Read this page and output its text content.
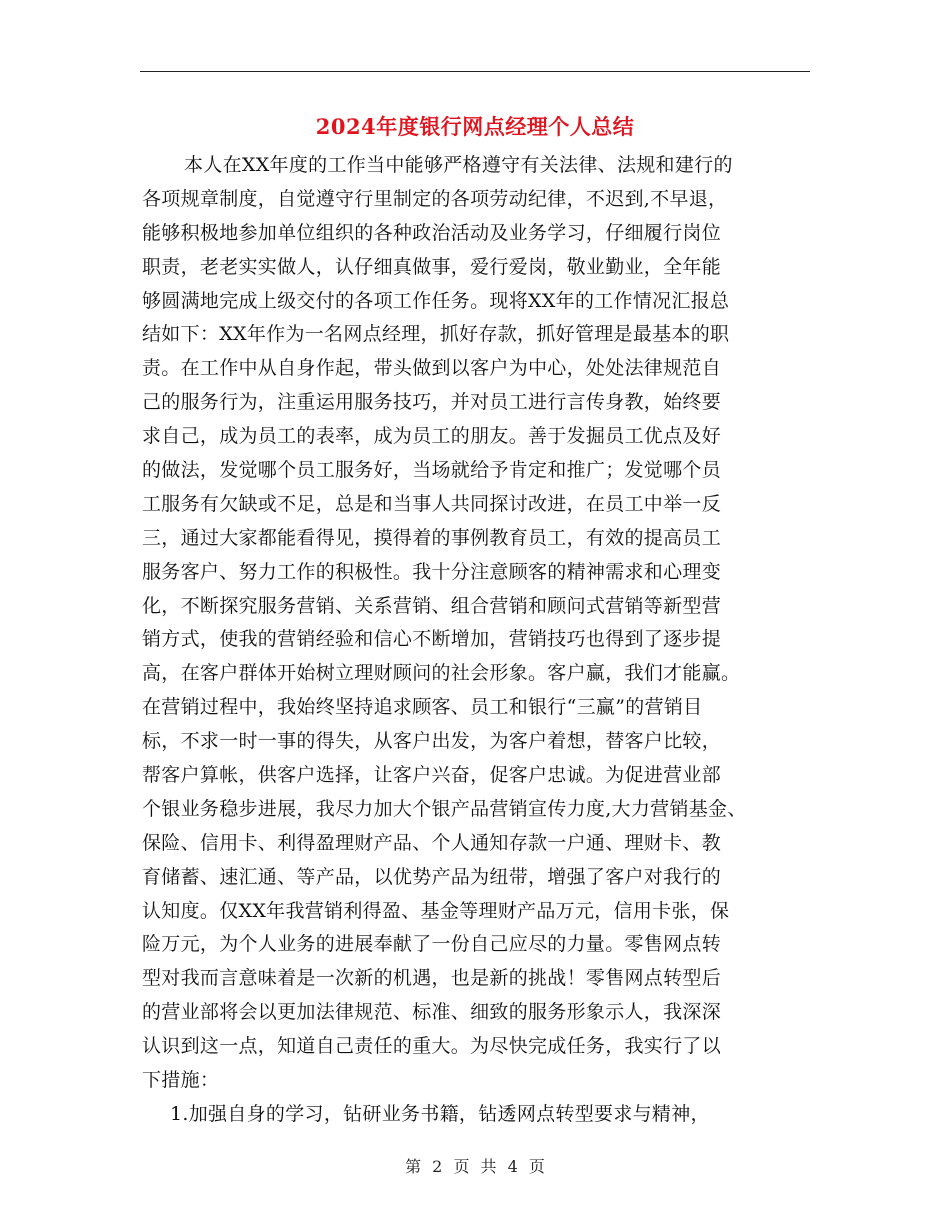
2024年度银行网点经理个人总结
本人在XX年度的工作当中能够严格遵守有关法律、法规和建行的
各项规章制度，自觉遵守行里制定的各项劳动纪律，不迟到,不早退，
能够积极地参加单位组织的各种政治活动及业务学习，仔细履行岗位
职责，老老实实做人，认仔细真做事，爱行爱岗，敬业勤业，全年能
够圆满地完成上级交付的各项工作任务。现将XX年的工作情况汇报总
结如下：XX年作为一名网点经理，抓好存款，抓好管理是最基本的职
责。在工作中从自身作起，带头做到以客户为中心，处处法律规范自
己的服务行为，注重运用服务技巧，并对员工进行言传身教，始终要
求自己，成为员工的表率，成为员工的朋友。善于发掘员工优点及好
的做法，发觉哪个员工服务好，当场就给予肯定和推广；发觉哪个员
工服务有欠缺或不足，总是和当事人共同探讨改进，在员工中举一反
三，通过大家都能看得见，摸得着的事例教育员工，有效的提高员工
服务客户、努力工作的积极性。我十分注意顾客的精神需求和心理变
化，不断探究服务营销、关系营销、组合营销和顾问式营销等新型营
销方式，使我的营销经验和信心不断增加，营销技巧也得到了逐步提
高，在客户群体开始树立理财顾问的社会形象。客户赢，我们才能赢。
在营销过程中，我始终坚持追求顾客、员工和银行“三赢”的营销目
标，不求一时一事的得失，从客户出发，为客户着想，替客户比较，
帮客户算帐，供客户选择，让客户兴奋，促客户忠诚。为促进营业部
个银业务稳步进展，我尽力加大个银产品营销宣传力度,大力营销基金、
保险、信用卡、利得盈理财产品、个人通知存款一户通、理财卡、教
育储蓄、速汇通、等产品，以优势产品为纽带，增强了客户对我行的
认知度。仅XX年我营销利得盈、基金等理财产品万元，信用卡张，保
险万元，为个人业务的进展奉献了一份自己应尽的力量。零售网点转
型对我而言意味着是一次新的机遇，也是新的挑战！零售网点转型后
的营业部将会以更加法律规范、标准、细致的服务形象示人，我深深
认识到这一点，知道自己责任的重大。为尽快完成任务，我实行了以
下措施：
1.加强自身的学习，钻研业务书籍，钻透网点转型要求与精神，
第 2 页 共 4 页
